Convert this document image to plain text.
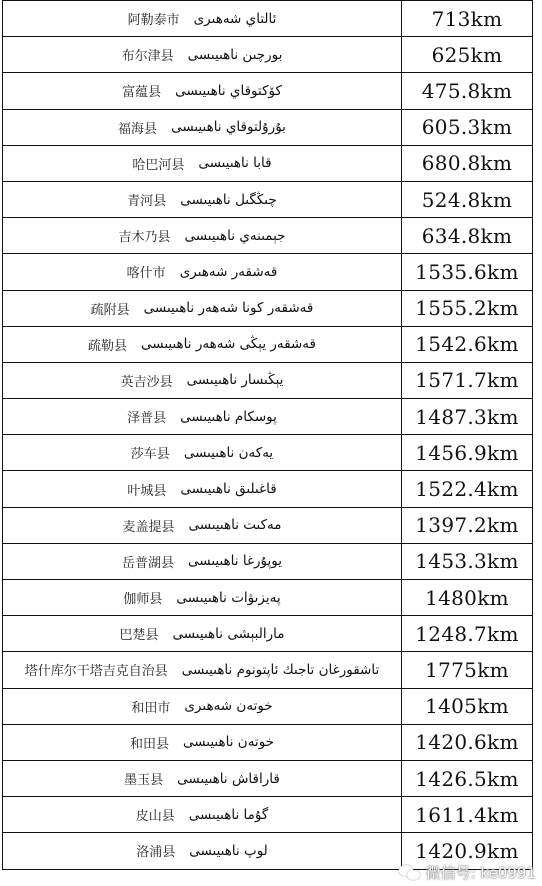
阿勒泰市 ئالتاي شەھىرى	713km

布尔津县 بورچىن ناھىيىسى	625km

富蕴县 كۆكتوقاي ناھىيىسى	475.8km

福海县 بۇرۇلتوقاي ناھىيىسى	605.3km

哈巴河县 قابا ناھىيىسى	680.8km

青河县 چىڭگىل ناھىيىسى	524.8km

吉木乃县 جېمىنەي ناھىيىسى	634.8km

喀什市 قەشقەر شەھىرى	1535.6km

疏附县 قەشقەر كونا شەھەر ناھىيىسى	1555.2km

疏勒县 قەشقەر يېڭى شەھەر ناھىيىسى	1542.6km

英吉沙县 يېڭىسار ناھىيىسى	1571.7km

泽普县 پوسكام ناھىيىسى	1487.3km

莎车县 يەكەن ناھىيىسى	1456.9km

叶城县 قاغىلىق ناھىيىسى	1522.4km

麦盖提县 مەكىت ناھىيىسى	1397.2km

岳普湖县 يوپۇرغا ناھىيىسى	1453.3km

伽师县 پەيزىۋات ناھىيىسى	1480km

巴楚县 مارالبېشى ناھىيىسى	1248.7km

塔什库尔干塔吉克自治县 تاشقورغان تاجىك ئاپتونوم ناھىيىسى	1775km

和田市 خوتەن شەھىرى	1405km

和田县 خوتەن ناھىيىسى	1420.6km

墨玉县 قاراقاش ناھىيىسى	1426.5km

皮山县 گۇما ناھىيىسى	1611.4km

洛浦县 لوپ ناھىيىسى	1420.9km
微信号: ke0991
